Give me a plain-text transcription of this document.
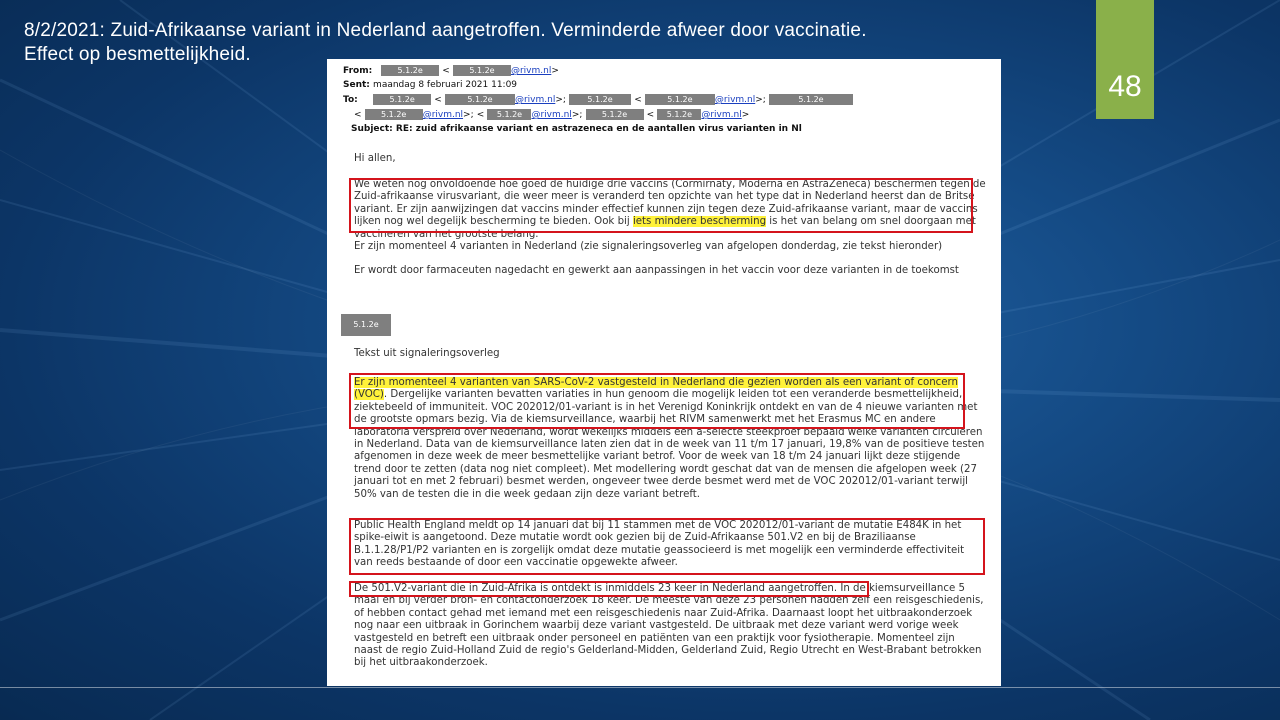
8/2/2021: Zuid-Afrikaanse variant in Nederland aangetroffen. Verminderde afweer door vaccinatie.
Effect op besmettelijkheid.
48
From:	5.1.2e < 5.1.2e @rivm.nl>
Sent: maandag 8 februari 2021 11:09
To:	5.1.2e <	5.1.2e @rivm.nl>;	5.1.2e <	5.1.2e @rivm.nl>;	5.1.2e
< 5.1.2e @rivm.nl>; < 5.1.2e @rivm.nl>; 5.1.2e < 5.1.2e @rivm.nl>
Subject: RE: zuid afrikaanse variant en astrazeneca en de aantallen virus varianten in Nl
Hi allen,

We weten nog onvoldoende hoe goed de huidige drie vaccins (Cormirnaty, Moderna en AstraZeneca) beschermen tegen de Zuid-afrikaanse virusvariant, die weer meer is veranderd ten opzichte van het type dat in Nederland heerst dan de Britse variant. Er zijn aanwijzingen dat vaccins minder effectief kunnen zijn tegen deze Zuid-afrikaanse variant, maar de vaccins lijken nog wel degelijk bescherming te bieden. Ook bij iets mindere bescherming is het van belang om snel doorgaan met vaccineren van het grootste belang.

Er zijn momenteel 4 varianten in Nederland (zie signaleringsoverleg van afgelopen donderdag, zie tekst hieronder)

Er wordt door farmaceuten nagedacht en gewerkt aan aanpassingen in het vaccin voor deze varianten in de toekomst

5.1.2e
Tekst uit signaleringsoverleg

Er zijn momenteel 4 varianten van SARS-CoV-2 vastgesteld in Nederland die gezien worden als een variant of concern (VOC). Dergelijke varianten bevatten variaties in hun genoom die mogelijk leiden tot een veranderde besmettelijkheid, ziektebeeld of immuniteit. VOC 202012/01-variant is in het Verenigd Koninkrijk ontdekt en van de 4 nieuwe varianten met de grootste opmars bezig. Via de kiemsurveillance, waarbij het RIVM samenwerkt met het Erasmus MC en andere laboratoria verspreid over Nederland, wordt wekelijks middels een a-selecte steekproef bepaald welke varianten circuleren in Nederland. Data van de kiemsurveillance laten zien dat in de week van 11 t/m 17 januari, 19,8% van de positieve testen afgenomen in deze week de meer besmettelijke variant betrof. Voor de week van 18 t/m 24 januari lijkt deze stijgende trend door te zetten (data nog niet compleet). Met modellering wordt geschat dat van de mensen die afgelopen week (27 januari tot en met 2 februari) besmet werden, ongeveer twee derde besmet werd met de VOC 202012/01-variant terwijl 50% van de testen die in die week gedaan zijn deze variant betreft.

Public Health England meldt op 14 januari dat bij 11 stammen met de VOC 202012/01-variant de mutatie E484K in het spike-eiwit is aangetoond. Deze mutatie wordt ook gezien bij de Zuid-Afrikaanse 501.V2 en bij de Braziliaanse B.1.1.28/P1/P2 varianten en is zorgelijk omdat deze mutatie geassocieerd is met mogelijk een verminderde effectiviteit van reeds bestaande of door een vaccinatie opgewekte afweer.

De 501.V2-variant die in Zuid-Afrika is ontdekt is inmiddels 23 keer in Nederland aangetroffen. In de kiemsurveillance 5 maal en bij verder bron- en contactonderzoek 18 keer. De meeste van deze 23 personen hadden zelf een reisgeschiedenis, of hebben contact gehad met iemand met een reisgeschiedenis naar Zuid-Afrika. Daarnaast loopt het uitbraakonderzoek nog naar een uitbraak in Gorinchem waarbij deze variant vastgesteld. De uitbraak met deze variant werd vorige week vastgesteld en betreft een uitbraak onder personeel en patiënten van een praktijk voor fysiotherapie. Momenteel zijn naast de regio Zuid-Holland Zuid de regio's Gelderland-Midden, Gelderland Zuid, Regio Utrecht en West-Brabant betrokken bij het uitbraakonderzoek.
